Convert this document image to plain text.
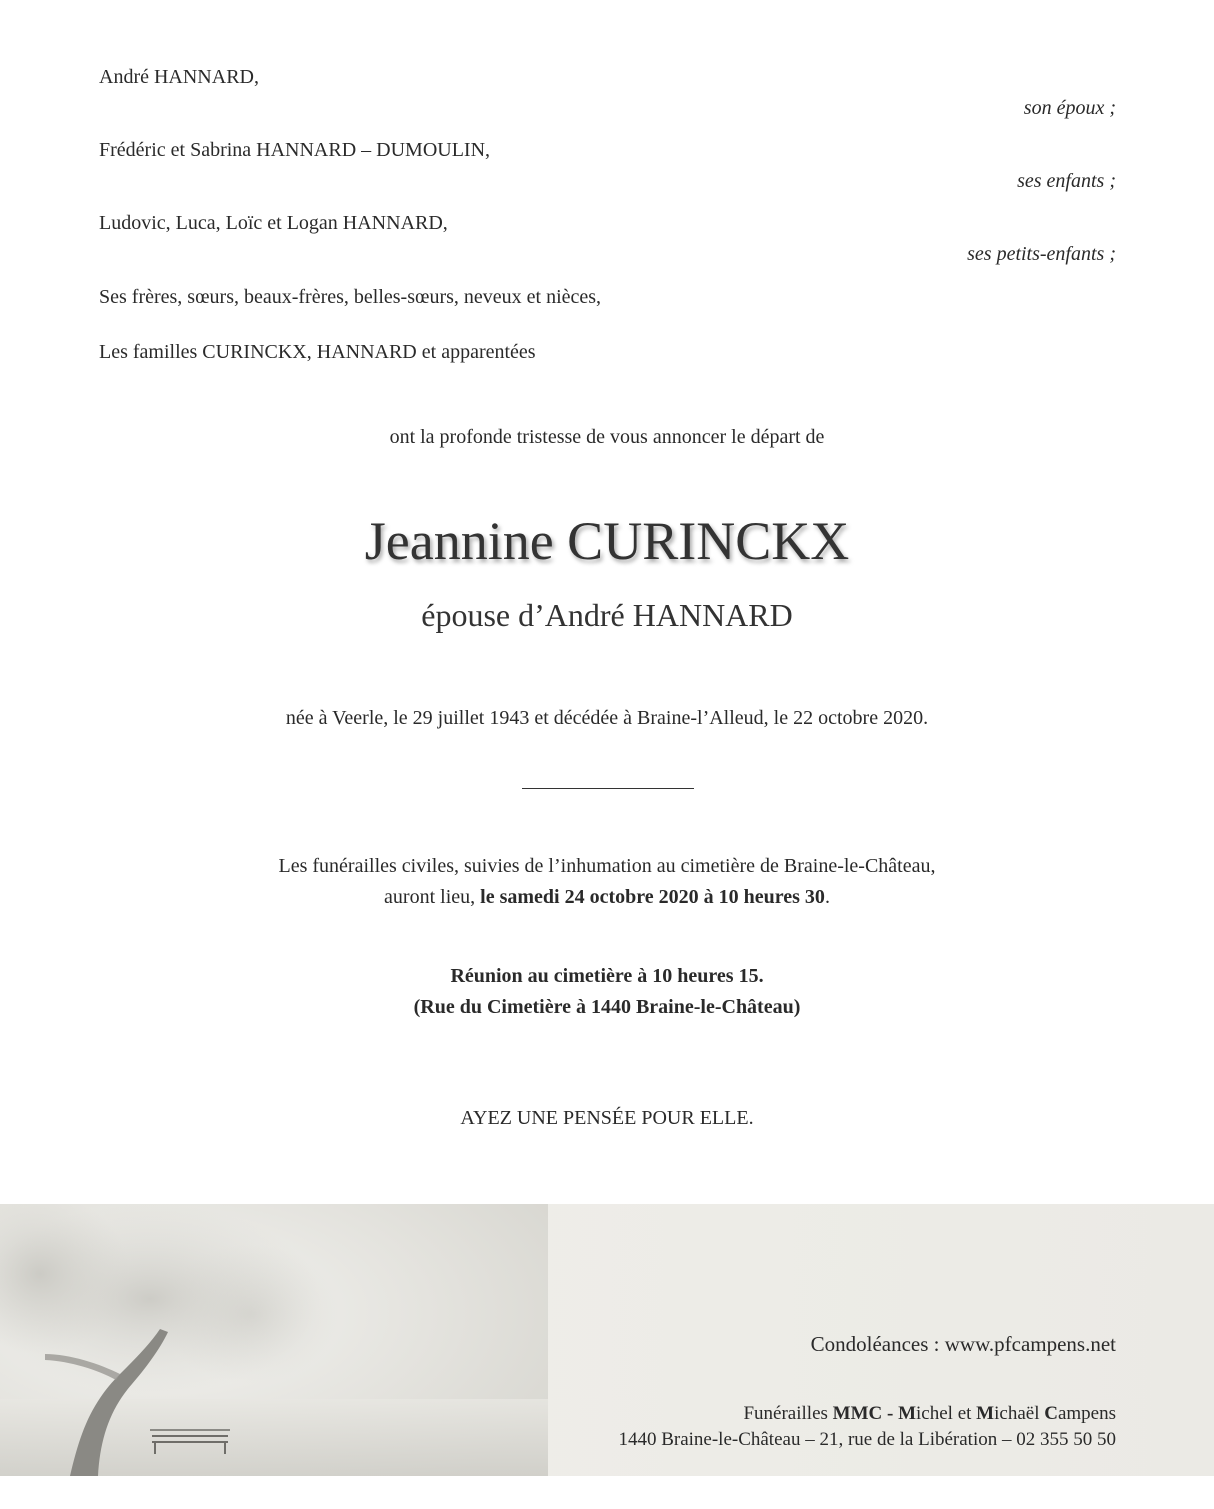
André HANNARD,
son époux ;
Frédéric et Sabrina HANNARD – DUMOULIN,
ses enfants ;
Ludovic, Luca, Loïc et Logan HANNARD,
ses petits-enfants ;
Ses frères, sœurs, beaux-frères, belles-sœurs, neveux et nièces,
Les familles CURINCKX, HANNARD et apparentées
ont la profonde tristesse de vous annoncer le départ de
Jeannine CURINCKX
épouse d’André HANNARD
née à Veerle, le 29 juillet 1943 et décédée à Braine-l’Alleud, le 22 octobre 2020.
Les funérailles civiles, suivies de l’inhumation au cimetière de Braine-le-Château,
auront lieu, le samedi 24 octobre 2020 à 10 heures 30.
Réunion au cimetière à 10 heures 15.
(Rue du Cimetière à 1440 Braine-le-Château)
AYEZ UNE PENSÉE POUR ELLE.
Condoléances : www.pfcampens.net
Funérailles MMC - Michel et Michaël Campens
1440 Braine-le-Château – 21, rue de la Libération – 02 355 50 50
